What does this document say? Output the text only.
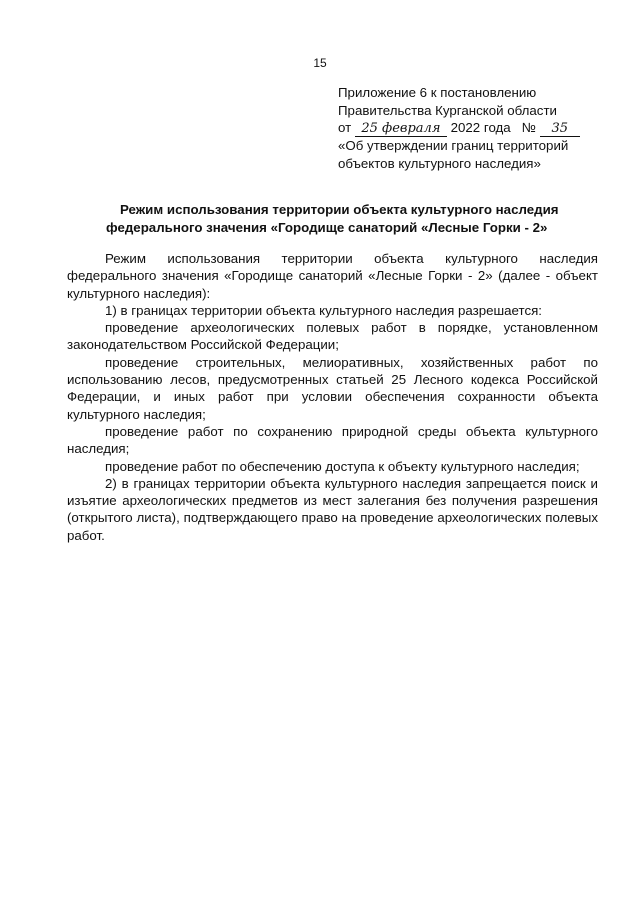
15
Приложение 6 к постановлению
Правительства Курганской области
от 25 февраля 2022 года № 35
«Об утверждении границ территорий
объектов культурного наследия»
Режим использования территории объекта культурного наследия
федерального значения «Городище санаторий «Лесные Горки - 2»

Режим использования территории объекта культурного наследия федерального значения «Городище санаторий «Лесные Горки - 2» (далее - объект культурного наследия):

1) в границах территории объекта культурного наследия разрешается:

проведение археологических полевых работ в порядке, установленном законодательством Российской Федерации;

проведение строительных, мелиоративных, хозяйственных работ по использованию лесов, предусмотренных статьей 25 Лесного кодекса Российской Федерации, и иных работ при условии обеспечения сохранности объекта культурного наследия;

проведение работ по сохранению природной среды объекта культурного наследия;

проведение работ по обеспечению доступа к объекту культурного наследия;

2) в границах территории объекта культурного наследия запрещается поиск и изъятие археологических предметов из мест залегания без получения разрешения (открытого листа), подтверждающего право на проведение археологических полевых работ.
